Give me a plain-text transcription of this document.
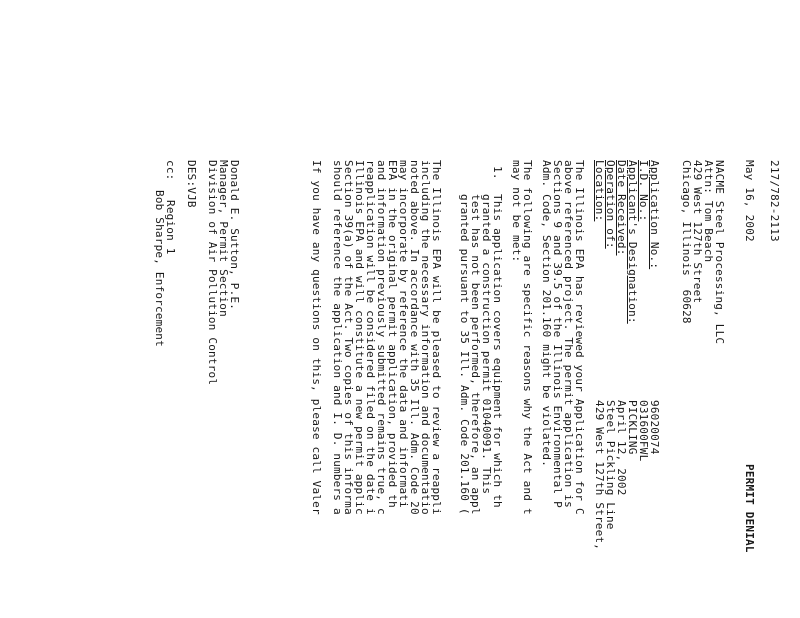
217/782-2113
May 16, 2002
PERMIT DENIAL
NACME Steel Processing, LLC
Attn: Tom Beach
429 West 127th Street
Chicago, Illinois  60628
Application No.:
96020074
I.D. No.:
031600FWL
Applicant's Designation:
PICKLING
Date Received:
April 12, 2002
Operation of:
Steel Pickling Line
Location:
429 West 127th Street,
The Illinois EPA has reviewed your Application for C
above referenced project. The permit application is
Sections 9 and 39.5 of the Illinois Environmental P
Adm. Code, Section 201.160 might be violated.
The following are specific reasons why the Act and t
may not be met:
1.
This application covers equipment for which th
granted a construction permit 01040091. This
test has not been performed, therefore, an appl
granted pursuant to 35 Ill. Adm. Code 201.160 (
The Illinois EPA will be pleased to review a reappli
including the necessary information and documentatio
noted above. In accordance with 35 Ill. Adm. Code 20
may incorporate by reference the data and informati
EPA in the original permit application, provided th
and information previously submitted remains true, c
reapplication will be considered filed on the date i
Illinois EPA and will constitute a new permit applic
Section 39(a) of the Act. Two copies of this informa
should reference the application and I. D. numbers a
If you have any questions on this, please call Valer
Donald E. Sutton, P.E.
Manager, Permit Section
Division of Air Pollution Control
DES:VJB
cc:
Region 1
Bob Sharpe, Enforcement
